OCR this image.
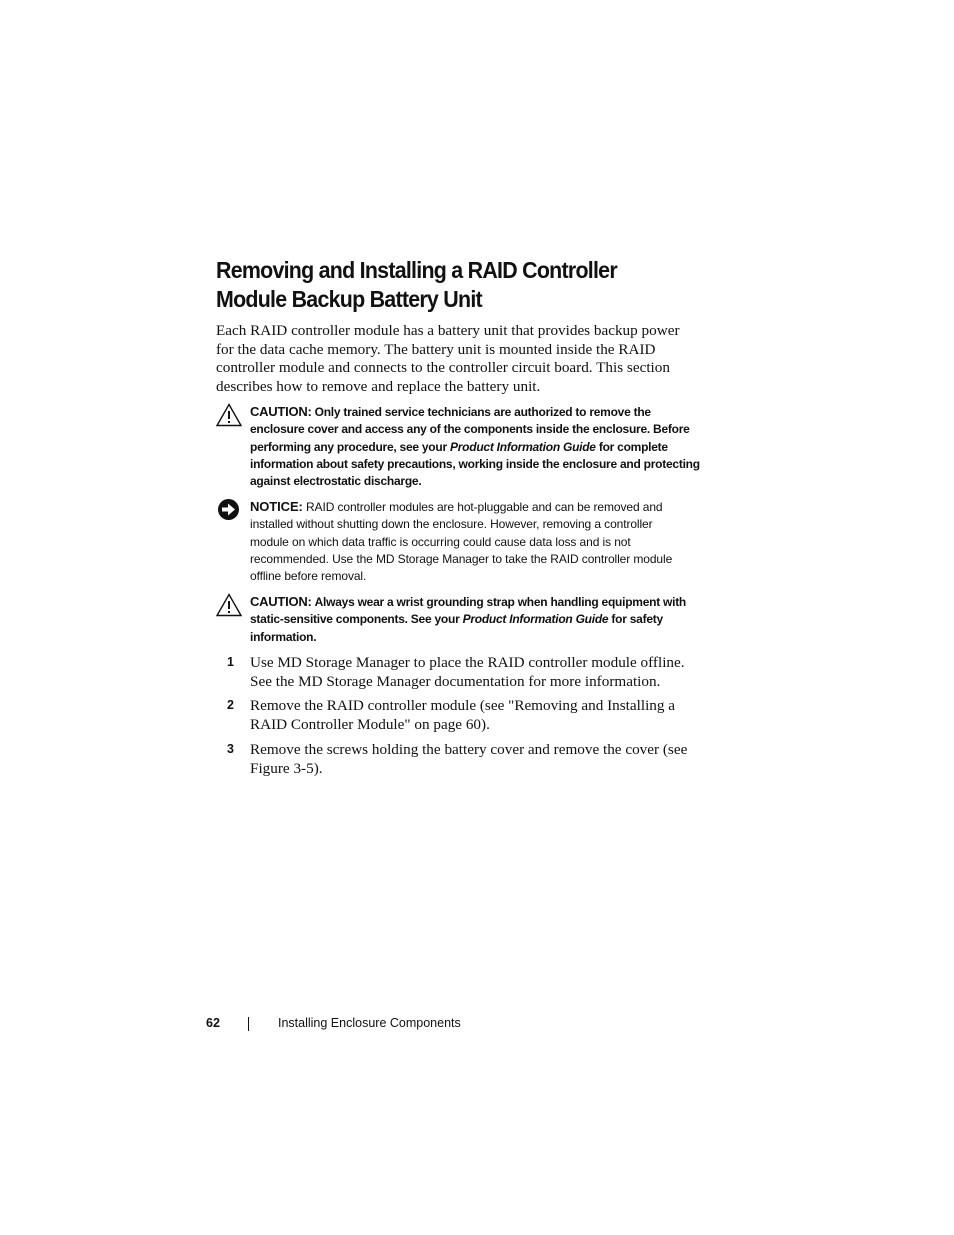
Removing and Installing a RAID Controller
Module Backup Battery Unit

Each RAID controller module has a battery unit that provides backup power
for the data cache memory. The battery unit is mounted inside the RAID
controller module and connects to the controller circuit board. This section
describes how to remove and replace the battery unit.

CAUTION: Only trained service technicians are authorized to remove the
enclosure cover and access any of the components inside the enclosure. Before
performing any procedure, see your Product Information Guide for complete
information about safety precautions, working inside the enclosure and protecting
against electrostatic discharge.
NOTICE: RAID controller modules are hot-pluggable and can be removed and
installed without shutting down the enclosure. However, removing a controller
module on which data traffic is occurring could cause data loss and is not
recommended. Use the MD Storage Manager to take the RAID controller module
offline before removal.
CAUTION: Always wear a wrist grounding strap when handling equipment with
static-sensitive components. See your Product Information Guide for safety
information.
1 Use MD Storage Manager to place the RAID controller module offline.
See the MD Storage Manager documentation for more information.
2 Remove the RAID controller module (see "Removing and Installing a
RAID Controller Module" on page 60).
3 Remove the screws holding the battery cover and remove the cover (see
Figure 3-5).
62	Installing Enclosure Components
